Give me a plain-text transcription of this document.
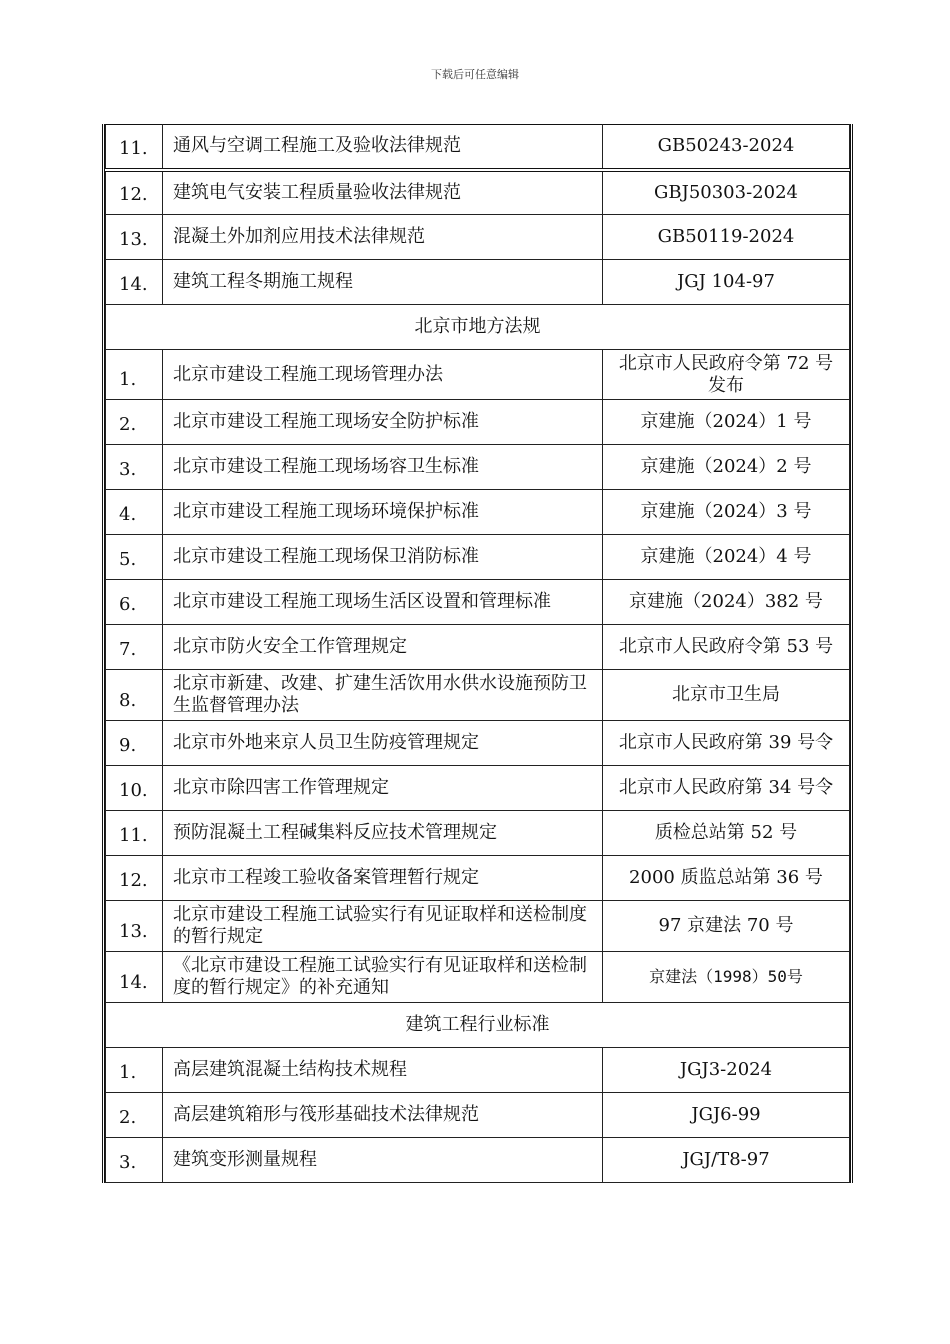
下载后可任意编辑
11.	通风与空调工程施工及验收法律规范	GB50243-2024
12.	建筑电气安装工程质量验收法律规范	GBJ50303-2024
13.	混凝土外加剂应用技术法律规范	GB50119-2024
14.	建筑工程冬期施工规程	JGJ 104-97
北京市地方法规		
1.	北京市建设工程施工现场管理办法	北京市人民政府令第 72 号发布
2.	北京市建设工程施工现场安全防护标准	京建施（2024）1 号
3.	北京市建设工程施工现场场容卫生标准	京建施（2024）2 号
4.	北京市建设工程施工现场环境保护标准	京建施（2024）3 号
5.	北京市建设工程施工现场保卫消防标准	京建施（2024）4 号
6.	北京市建设工程施工现场生活区设置和管理标准	京建施（2024）382 号
7.	北京市防火安全工作管理规定	北京市人民政府令第 53 号
8.	北京市新建、改建、扩建生活饮用水供水设施预防卫生监督管理办法	北京市卫生局
9.	北京市外地来京人员卫生防疫管理规定	北京市人民政府第 39 号令
10.	北京市除四害工作管理规定	北京市人民政府第 34 号令
11.	预防混凝土工程碱集料反应技术管理规定	质检总站第 52 号
12.	北京市工程竣工验收备案管理暂行规定	2000 质监总站第 36 号
13.	北京市建设工程施工试验实行有见证取样和送检制度的暂行规定	97 京建法 70 号
14.	《北京市建设工程施工试验实行有见证取样和送检制度的暂行规定》的补充通知	京建法（1998）50号
建筑工程行业标准		
1.	高层建筑混凝土结构技术规程	JGJ3-2024
2.	高层建筑箱形与筏形基础技术法律规范	JGJ6-99
3.	建筑变形测量规程	JGJ/T8-97
